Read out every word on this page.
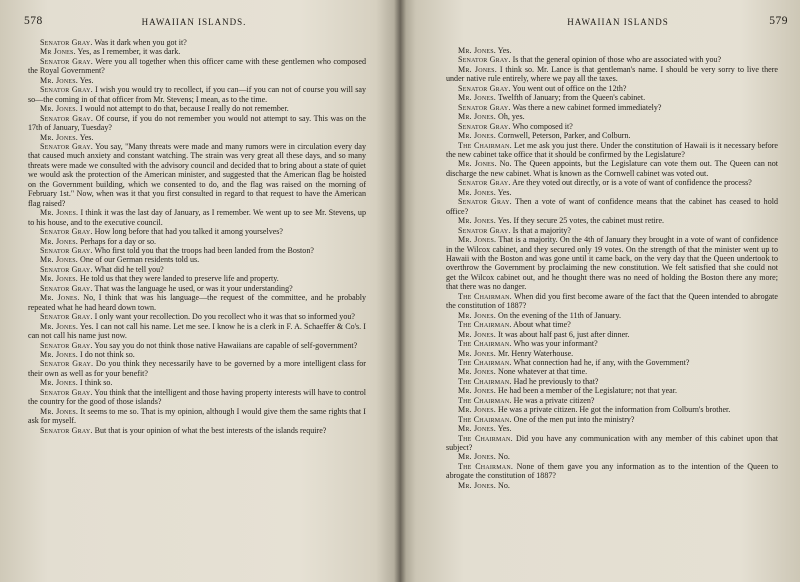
578	HAWAIIAN ISLANDS.

Senator Gray. Was it dark when you got it?

Mr Jones. Yes, as I remember, it was dark.

Senator Gray. Were you all together when this officer came with these gentlemen who composed the Royal Government?

Mr. Jones. Yes.

Senator Gray. I wish you would try to recollect, if you can—if you can not of course you will say so—the coming in of that officer from Mr. Stevens; I mean, as to the time.

Mr. Jones. I would not attempt to do that, because I really do not remember.

Senator Gray. Of course, if you do not remember you would not attempt to say. This was on the 17th of January, Tuesday?

Mr. Jones. Yes.

Senator Gray. You say, "Many threats were made and many rumors were in circulation every day that caused much anxiety and constant watching. The strain was very great all these days, and so many threats were made we consulted with the advisory council and decided that to bring about a state of quiet we would ask the protection of the American minister, and suggested that the American flag be hoisted on the Government building, which we consented to do, and the flag was raised on the morning of February 1st." Now, when was it that you first consulted in regard to that request to have the American flag raised?

Mr. Jones. I think it was the last day of January, as I remember. We went up to see Mr. Stevens, up to his house, and to the executive council.

Senator Gray. How long before that had you talked it among yourselves?

Mr. Jones. Perhaps for a day or so.

Senator Gray. Who first told you that the troops had been landed from the Boston?

Mr. Jones. One of our German residents told us.

Senator Gray. What did he tell you?

Mr. Jones. He told us that they were landed to preserve life and property.

Senator Gray. That was the language he used, or was it your understanding?

Mr. Jones. No, I think that was his language—the request of the committee, and he probably repeated what he had heard down town.

Senator Gray. I only want your recollection. Do you recollect who it was that so informed you?

Mr. Jones. Yes. I can not call his name. Let me see. I know he is a clerk in F. A. Schaeffer & Co's. I can not call his name just now.

Senator Gray. You say you do not think those native Hawaiians are capable of self-government?

Mr. Jones. I do not think so.

Senator Gray. Do you think they necessarily have to be governed by a more intelligent class for their own as well as for your benefit?

Mr. Jones. I think so.

Senator Gray. You think that the intelligent and those having property interests will have to control the country for the good of those islands?

Mr. Jones. It seems to me so. That is my opinion, although I would give them the same rights that I ask for myself.

Senator Gray. But that is your opinion of what the best interests of the islands require?

HAWAIIAN ISLANDS	579

Mr. Jones. Yes.

Senator Gray. Is that the general opinion of those who are associated with you?

Mr. Jones. I think so. Mr. Lance is that gentleman's name. I should be very sorry to live there under native rule entirely, where we pay all the taxes.

Senator Gray. You went out of office on the 12th?

Mr. Jones. Twelfth of January; from the Queen's cabinet.

Senator Gray. Was there a new cabinet formed immediately?

Mr. Jones. Oh, yes.

Senator Gray. Who composed it?

Mr. Jones. Cornwell, Peterson, Parker, and Colburn.

The Chairman. Let me ask you just there. Under the constitution of Hawaii is it necessary before the new cabinet take office that it should be confirmed by the Legislature?

Mr. Jones. No. The Queen appoints, but the Legislature can vote them out. The Queen can not discharge the new cabinet. What is known as the Cornwell cabinet was voted out.

Senator Gray. Are they voted out directly, or is a vote of want of confidence the process?

Mr. Jones. Yes.

Senator Gray. Then a vote of want of confidence means that the cabinet has ceased to hold office?

Mr. Jones. Yes. If they secure 25 votes, the cabinet must retire.

Senator Gray. Is that a majority?

Mr. Jones. That is a majority. On the 4th of January they brought in a vote of want of confidence in the Wilcox cabinet, and they secured only 19 votes. On the strength of that the minister went up to Hawaii with the Boston and was gone until it came back, on the very day that the Queen undertook to overthrow the Government by proclaiming the new constitution. We felt satisfied that she could not get the Wilcox cabinet out, and he thought there was no need of holding the Boston there any more; that there was no danger.

The Chairman. When did you first become aware of the fact that the Queen intended to abrogate the constitution of 1887?

Mr. Jones. On the evening of the 11th of January.

The Chairman. About what time?

Mr. Jones. It was about half past 6, just after dinner.

The Chairman. Who was your informant?

Mr. Jones. Mr. Henry Waterhouse.

The Chairman. What connection had he, if any, with the Government?

Mr. Jones. None whatever at that time.

The Chairman. Had he previously to that?

Mr. Jones. He had been a member of the Legislature; not that year.

The Chairman. He was a private citizen?

Mr. Jones. He was a private citizen. He got the information from Colburn's brother.

The Chairman. One of the men put into the ministry?

Mr. Jones. Yes.

The Chairman. Did you have any communication with any member of this cabinet upon that subject?

Mr. Jones. No.

The Chairman. None of them gave you any information as to the intention of the Queen to abrogate the constitution of 1887?

Mr. Jones. No.
